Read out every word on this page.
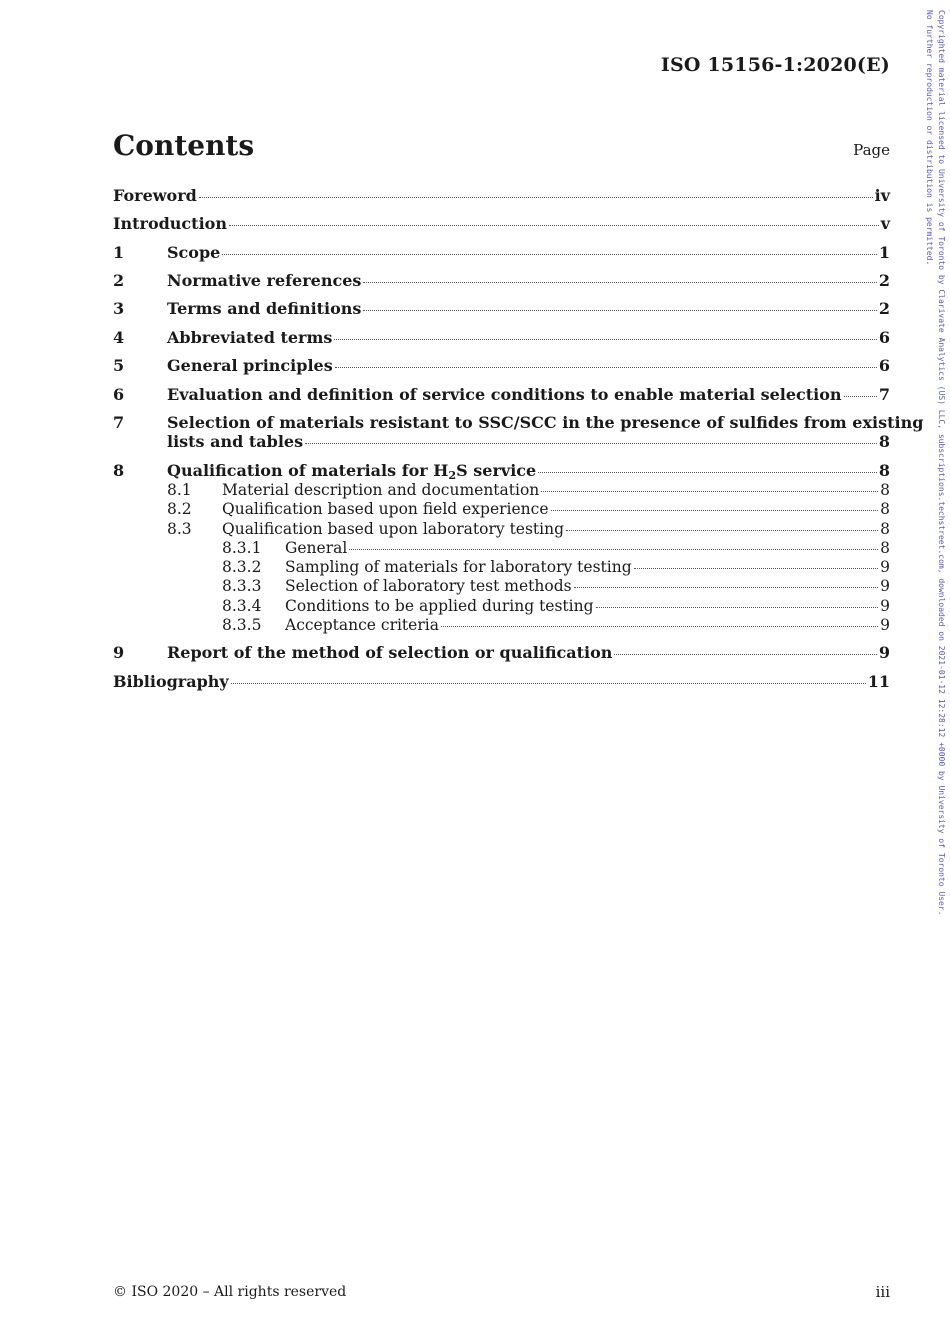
ISO 15156-1:2020(E)	Copyrighted material licensed to University of Toronto by Clarivate Analytics (US) LLC, subscriptions.techstreet.com, downloaded on 2021-01-12 12:28:12 +0000 by University of Toronto User.
No further reproduction or distribution is permitted.
Contents	Page
Foreword	iv
Introduction	v
1	Scope	1
2	Normative references	2
3	Terms and definitions	2
4	Abbreviated terms	6
5	General principles	6
6	Evaluation and definition of service conditions to enable material selection 7
7	Selection of materials resistant to SSC/SCC in the presence of sulfides from existing
lists and tables	8
8	Qualification of materials for $H_2S$ service	8
8.1	Material description and documentation	8
8.2	Qualification based upon field experience	8
8.3	Qualification based upon laboratory testing	8
8.3.1	General	8
8.3.2	Sampling of materials for laboratory testing	9
8.3.3	Selection of laboratory test methods	9
8.3.4	Conditions to be applied during testing	9
8.3.5	Acceptance criteria	9
9	Report of the method of selection or qualification	9
Bibliography	11
© ISO 2020 – All rights reserved	iii
